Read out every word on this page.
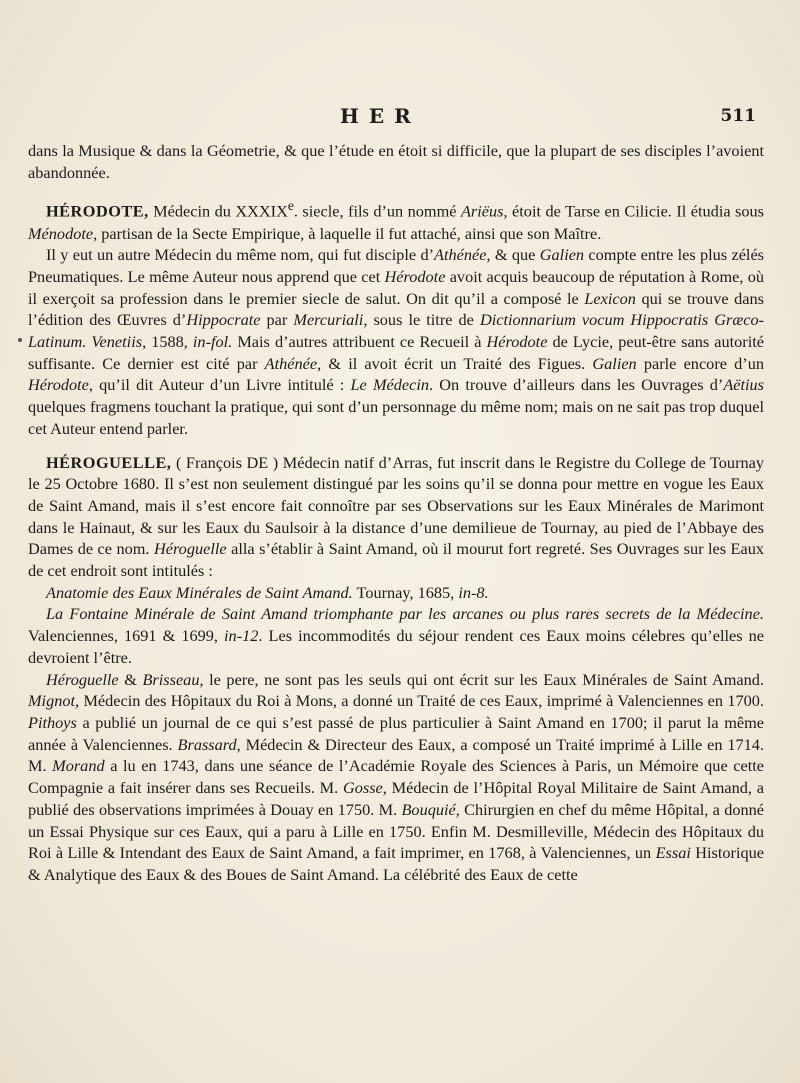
HER	511

dans la Musique & dans la Géometrie, & que l’étude en étoit si difficile, que la plupart de ses disciples l’avoient abandonnée.

HÉRODOTE, Médecin du XXXIXe. siecle, fils d’un nommé Ariëus, étoit de Tarse en Cilicie. Il étudia sous Ménodote, partisan de la Secte Empirique, à laquelle il fut attaché, ainsi que son Maître.

Il y eut un autre Médecin du même nom, qui fut disciple d’Athénée, & que Galien compte entre les plus zélés Pneumatiques. Le même Auteur nous apprend que cet Hérodote avoit acquis beaucoup de réputation à Rome, où il exerçoit sa profession dans le premier siecle de salut. On dit qu’il a composé le Lexicon qui se trouve dans l’édition des Œuvres d’Hippocrate par Mercuriali, sous le titre de Dictionnarium vocum Hippocratis Græco-Latinum. Venetiis, 1588, in-fol. Mais d’autres attribuent ce Recueil à Hérodote de Lycie, peut-être sans autorité suffisante. Ce dernier est cité par Athénée, & il avoit écrit un Traité des Figues. Galien parle encore d’un Hérodote, qu’il dit Auteur d’un Livre intitulé : Le Médecin. On trouve d’ailleurs dans les Ouvrages d’Aëtius quelques fragmens touchant la pratique, qui sont d’un personnage du même nom; mais on ne sait pas trop duquel cet Auteur entend parler.

HÉROGUELLE, ( François DE ) Médecin natif d’Arras, fut inscrit dans le Registre du College de Tournay le 25 Octobre 1680. Il s’est non seulement distingué par les soins qu’il se donna pour mettre en vogue les Eaux de Saint Amand, mais il s’est encore fait connoître par ses Observations sur les Eaux Minérales de Marimont dans le Hainaut, & sur les Eaux du Saulsoir à la distance d’une demilieue de Tournay, au pied de l’Abbaye des Dames de ce nom. Héroguelle alla s’établir à Saint Amand, où il mourut fort regreté. Ses Ouvrages sur les Eaux de cet endroit sont intitulés :

Anatomie des Eaux Minérales de Saint Amand. Tournay, 1685, in-8.

La Fontaine Minérale de Saint Amand triomphante par les arcanes ou plus rares secrets de la Médecine. Valenciennes, 1691 & 1699, in-12. Les incommodités du séjour rendent ces Eaux moins célebres qu’elles ne devroient l’être.

Héroguelle & Brisseau, le pere, ne sont pas les seuls qui ont écrit sur les Eaux Minérales de Saint Amand. Mignot, Médecin des Hôpitaux du Roi à Mons, a donné un Traité de ces Eaux, imprimé à Valenciennes en 1700. Pithoys a publié un journal de ce qui s’est passé de plus particulier à Saint Amand en 1700; il parut la même année à Valenciennes. Brassard, Médecin & Directeur des Eaux, a composé un Traité imprimé à Lille en 1714. M. Morand a lu en 1743, dans une séance de l’Académie Royale des Sciences à Paris, un Mémoire que cette Compagnie a fait insérer dans ses Recueils. M. Gosse, Médecin de l’Hôpital Royal Militaire de Saint Amand, a publié des observations imprimées à Douay en 1750. M. Bouquié, Chirurgien en chef du même Hôpital, a donné un Essai Physique sur ces Eaux, qui a paru à Lille en 1750. Enfin M. Desmilleville, Médecin des Hôpitaux du Roi à Lille & Intendant des Eaux de Saint Amand, a fait imprimer, en 1768, à Valenciennes, un Essai Historique & Analytique des Eaux & des Boues de Saint Amand. La célébrité des Eaux de cette
